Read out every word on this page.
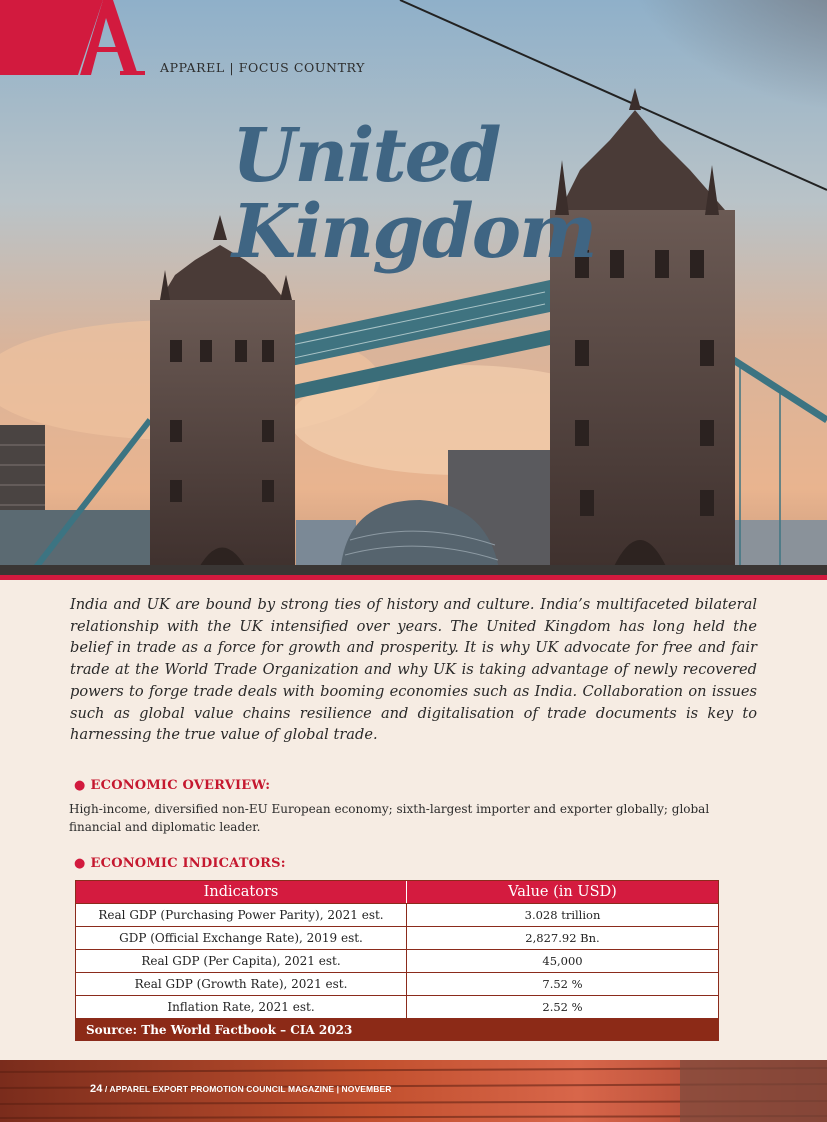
APPAREL | FOCUS COUNTRY
United
Kingdom

India and UK are bound by strong ties of history and culture. India’s multifaceted bilateral relationship with the UK intensified over years. The United Kingdom has long held the belief in trade as a force for growth and prosperity. It is why UK advocate for free and fair trade at the World Trade Organization and why UK is taking advantage of newly recovered powers to forge trade deals with booming economies such as India. Collaboration on issues such as global value chains resilience and digitalisation of trade documents is key to harnessing the true value of global trade.

● ECONOMIC OVERVIEW:

High-income, diversified non-EU European economy; sixth-largest importer and exporter globally; global financial and diplomatic leader.

● ECONOMIC INDICATORS:
Indicators	Value (in USD)
Real GDP (Purchasing Power Parity), 2021 est.	3.028 trillion
GDP (Official Exchange Rate), 2019 est.	2,827.92 Bn.
Real GDP (Per Capita), 2021 est.	45,000
Real GDP (Growth Rate), 2021 est.	7.52 %
Inflation Rate, 2021 est.	2.52 %
Source: The World Factbook – CIA 2023
24 / APPAREL EXPORT PROMOTION COUNCIL MAGAZINE | NOVEMBER
